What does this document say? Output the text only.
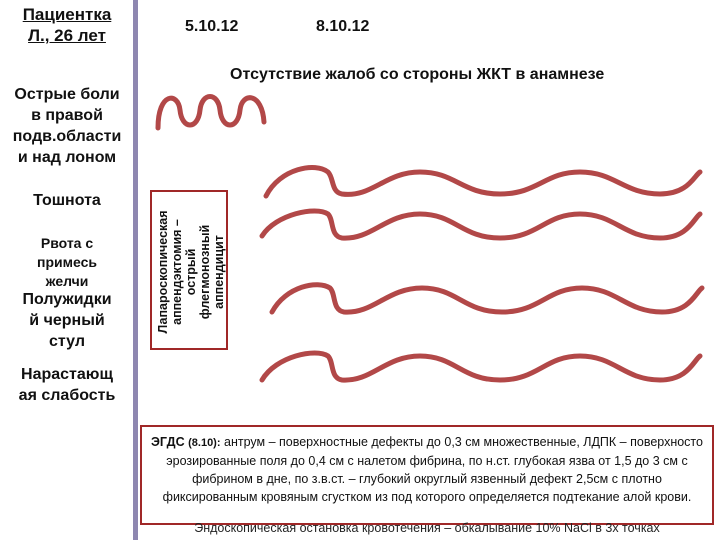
Пациентка
Л., 26 лет	5.10.12	8.10.12
Отсутствие жалоб со стороны ЖКТ в анамнезе
Острые боли
в правой
подв.области
и над лоном
Тошнота
Рвота с
примесь
желчи
Полужидки
й черный
стул
Нарастающ
ая слабость
Лапароскопическая аппендэктомия – острый флегмонозный аппендицит
ЭГДС (8.10): антрум – поверхностные дефекты до 0,3 см множественные, ЛДПК – поверхносто эрозированные поля до 0,4 см с налетом фибрина, по н.ст. глубокая язва от 1,5 до 3 см с фибрином в дне, по з.в.ст. – глубокий округлый язвенный дефект 2,5см с плотно фиксированным кровяным сгустком из под которого определяется подтекание алой крови.
Эндоскопическая остановка кровотечения – обкалывание 10% NaCl в 3х точках
